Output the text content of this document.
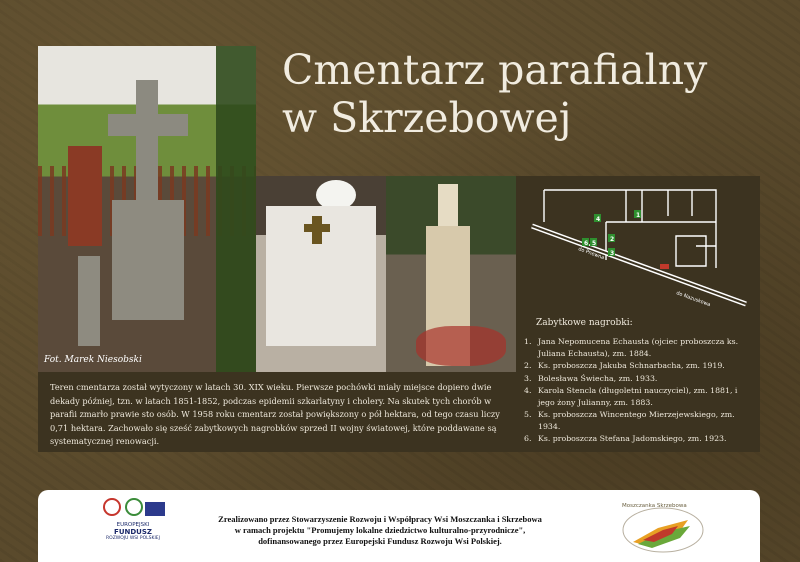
Fot. Marek Niesobski
Cmentarz parafialny
w Skrzebowej
Teren cmentarza został wytyczony w latach 30. XIX wieku. Pierwsze pochówki miały miejsce dopiero dwie dekady później, tzn. w latach 1851-1852, podczas epidemii szkarlatyny i cholery. Na skutek tych chorób w parafii zmarło prawie sto osób. W 1958 roku cmentarz został powiększony o pół hektara, od tego czasu liczy 0,71 hektara. Zachowało się sześć zabytkowych nagrobków sprzed II wojny światowej, które poddawane są systematycznej renowacji.
do Pnewna
do Nazuskowa
1
2
3
4
5
6
Zabytkowe nagrobki:
1. Jana Nepomucena Echausta (ojciec proboszcza ks. Juliana Echausta), zm. 1884.
2. Ks. proboszcza Jakuba Schnarbacha, zm. 1919.
3. Bolesława Świecha, zm. 1933.
4. Karola Stencla (długoletni nauczyciel), zm. 1881, i jego żony Julianny, zm. 1883.
5. Ks. proboszcza Wincentego Mierzejewskiego, zm. 1934.
6. Ks. proboszcza Stefana Jadomskiego, zm. 1923.
EUROPEJSKI
FUNDUSZ
ROZWOJU WSI POLSKIEJ
Zrealizowano przez Stowarzyszenie Rozwoju i Współpracy Wsi Moszczanka i Skrzebowa
w ramach projektu "Promujemy lokalne dziedzictwo kulturalno-przyrodnicze",
dofinansowanego przez Europejski Fundusz Rozwoju Wsi Polskiej.
Moszczanka Skrzebowa
